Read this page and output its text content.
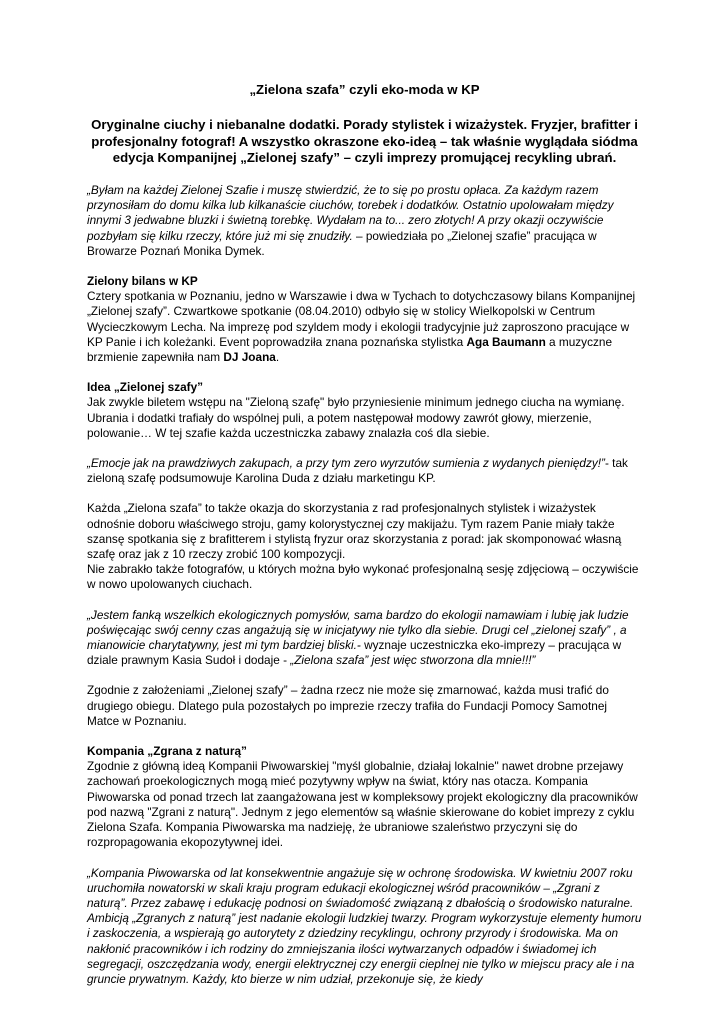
„Zielona szafa” czyli eko-moda w KP
Oryginalne ciuchy i niebanalne dodatki. Porady stylistek i wizażystek. Fryzjer, brafitter i profesjonalny fotograf! A wszystko okraszone eko-ideą – tak właśnie wyglądała siódma edycja Kompanijnej „Zielonej szafy” – czyli imprezy promującej recykling ubrań.

„Byłam na każdej Zielonej Szafie i muszę stwierdzić, że to się po prostu opłaca. Za każdym razem przynosiłam do domu kilka lub kilkanaście ciuchów, torebek i dodatków. Ostatnio upolowałam między innymi 3 jedwabne bluzki i świetną torebkę. Wydałam na to... zero złotych! A przy okazji oczywiście pozbyłam się kilku rzeczy, które już mi się znudziły. – powiedziała po „Zielonej szafie” pracująca w Browarze Poznań Monika Dymek.

Zielony bilans w KP

Cztery spotkania w Poznaniu, jedno w Warszawie i dwa w Tychach to dotychczasowy bilans Kompanijnej „Zielonej szafy”. Czwartkowe spotkanie (08.04.2010) odbyło się w stolicy Wielkopolski w Centrum Wycieczkowym Lecha. Na imprezę pod szyldem mody i ekologii tradycyjnie już zaproszono pracujące w KP Panie i ich koleżanki. Event poprowadziła znana poznańska stylistka Aga Baumann a muzyczne brzmienie zapewniła nam DJ Joana.

Idea „Zielonej szafy”

Jak zwykle biletem wstępu na "Zieloną szafę" było przyniesienie minimum jednego ciucha na wymianę. Ubrania i dodatki trafiały do wspólnej puli, a potem następował modowy zawrót głowy, mierzenie, polowanie… W tej szafie każda uczestniczka zabawy znalazła coś dla siebie.

„Emocje jak na prawdziwych zakupach, a przy tym zero wyrzutów sumienia z wydanych pieniędzy!”- tak zieloną szafę podsumowuje Karolina Duda z działu marketingu KP.

Każda „Zielona szafa” to także okazja do skorzystania z rad profesjonalnych stylistek i wizażystek odnośnie doboru właściwego stroju, gamy kolorystycznej czy makijażu. Tym razem Panie miały także szansę spotkania się z brafitterem i stylistą fryzur oraz skorzystania z porad: jak skomponować własną szafę oraz jak z 10 rzeczy zrobić 100 kompozycji.
Nie zabrakło także fotografów, u których można było wykonać profesjonalną sesję zdjęciową – oczywiście w nowo upolowanych ciuchach.

„Jestem fanką wszelkich ekologicznych pomysłów, sama bardzo do ekologii namawiam i lubię jak ludzie poświęcając swój cenny czas angażują się w inicjatywy nie tylko dla siebie. Drugi cel „zielonej szafy” , a mianowicie charytatywny, jest mi tym bardziej bliski.- wyznaje uczestniczka eko-imprezy – pracująca w dziale prawnym Kasia Sudoł i dodaje - „Zielona szafa” jest więc stworzona dla mnie!!!”

Zgodnie z założeniami „Zielonej szafy” – żadna rzecz nie może się zmarnować, każda musi trafić do drugiego obiegu. Dlatego pula pozostałych po imprezie rzeczy trafiła do Fundacji Pomocy Samotnej Matce w Poznaniu.

Kompania „Zgrana z naturą”

Zgodnie z główną ideą Kompanii Piwowarskiej "myśl globalnie, działaj lokalnie" nawet drobne przejawy zachowań proekologicznych mogą mieć pozytywny wpływ na świat, który nas otacza. Kompania Piwowarska od ponad trzech lat zaangażowana jest w kompleksowy projekt ekologiczny dla pracowników pod nazwą "Zgrani z naturą". Jednym z jego elementów są właśnie skierowane do kobiet imprezy z cyklu Zielona Szafa. Kompania Piwowarska ma nadzieję, że ubraniowe szaleństwo przyczyni się do rozpropagowania ekopozytywnej idei.

„Kompania Piwowarska od lat konsekwentnie angażuje się w ochronę środowiska. W kwietniu 2007 roku uruchomiła nowatorski w skali kraju program edukacji ekologicznej wśród pracowników – „Zgrani z naturą”. Przez zabawę i edukację podnosi on świadomość związaną z dbałością o środowisko naturalne. Ambicją „Zgranych z naturą” jest nadanie ekologii ludzkiej twarzy. Program wykorzystuje elementy humoru i zaskoczenia, a wspierają go autorytety z dziedziny recyklingu, ochrony przyrody i środowiska. Ma on nakłonić pracowników i ich rodziny do zmniejszania ilości wytwarzanych odpadów i świadomej ich segregacji, oszczędzania wody, energii elektrycznej czy energii cieplnej nie tylko w miejscu pracy ale i na gruncie prywatnym. Każdy, kto bierze w nim udział, przekonuje się, że kiedy
